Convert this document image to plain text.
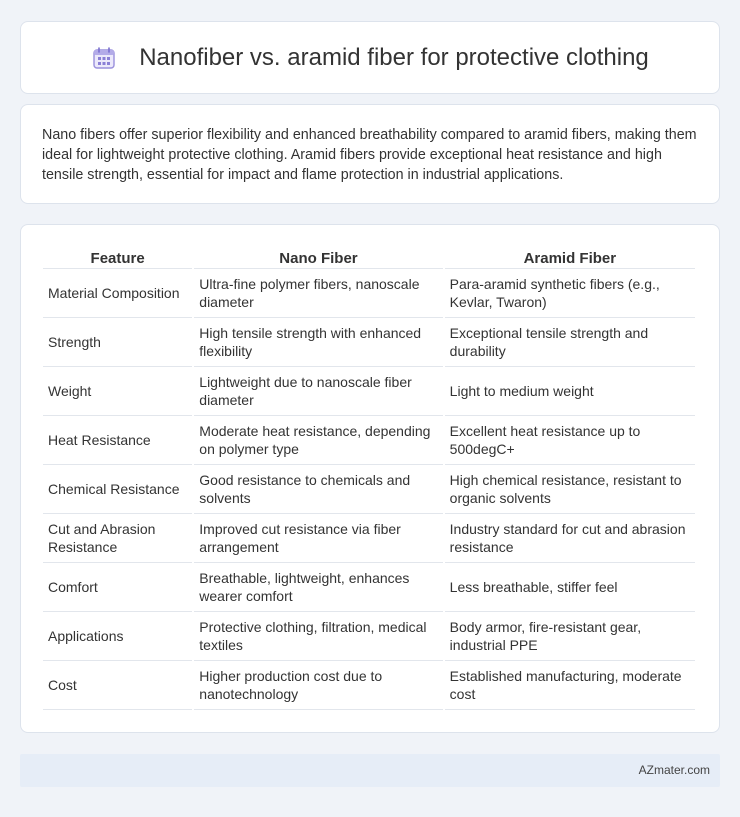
Nanofiber vs. aramid fiber for protective clothing

Nano fibers offer superior flexibility and enhanced breathability compared to aramid fibers, making them ideal for lightweight protective clothing. Aramid fibers provide exceptional heat resistance and high tensile strength, essential for impact and flame protection in industrial applications.

Feature	Nano Fiber	Aramid Fiber
Material Composition	Ultra-fine polymer fibers, nanoscale diameter	Para-aramid synthetic fibers (e.g., Kevlar, Twaron)
Strength	High tensile strength with enhanced flexibility	Exceptional tensile strength and durability
Weight	Lightweight due to nanoscale fiber diameter	Light to medium weight
Heat Resistance	Moderate heat resistance, depending on polymer type	Excellent heat resistance up to 500degC+
Chemical Resistance	Good resistance to chemicals and solvents	High chemical resistance, resistant to organic solvents
Cut and Abrasion Resistance	Improved cut resistance via fiber arrangement	Industry standard for cut and abrasion resistance
Comfort	Breathable, lightweight, enhances wearer comfort	Less breathable, stiffer feel
Applications	Protective clothing, filtration, medical textiles	Body armor, fire-resistant gear, industrial PPE
Cost	Higher production cost due to nanotechnology	Established manufacturing, moderate cost
AZmater.com
